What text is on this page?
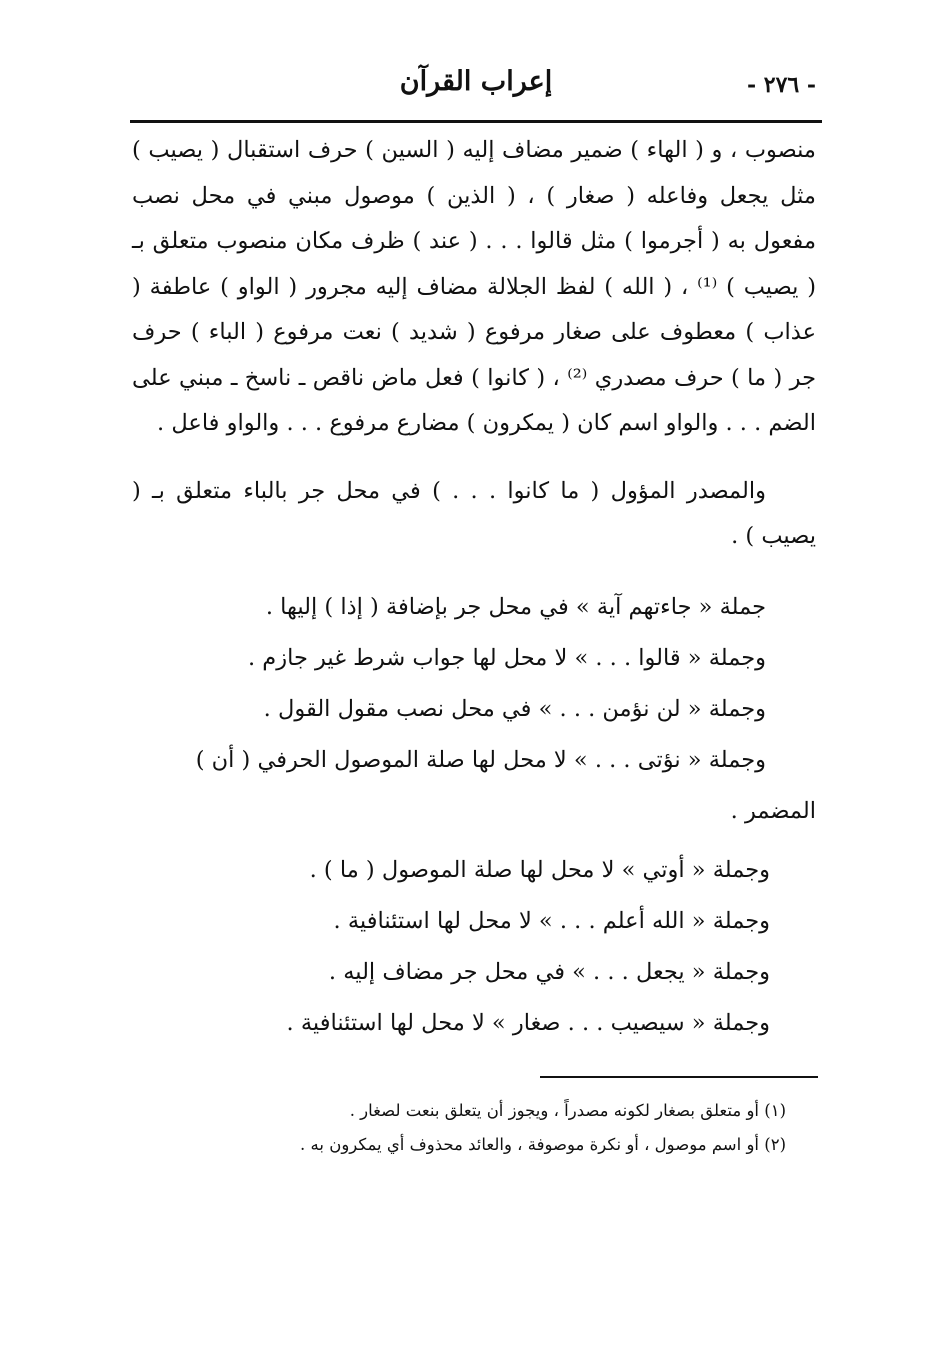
- ٢٧٦ -
إعراب القرآن

منصوب ، و ( الهاء ) ضمير مضاف إليه ( السين ) حرف استقبال ( يصيب ) مثل يجعل وفاعله ( صغار ) ، ( الذين ) موصول مبني في محل نصب مفعول به ( أجرموا ) مثل قالوا . . . ( عند ) ظرف مكان منصوب متعلق بـ ( يصيب ) ⁽¹⁾ ، ( الله ) لفظ الجلالة مضاف إليه مجرور ( الواو ) عاطفة ( عذاب ) معطوف على صغار مرفوع ( شديد ) نعت مرفوع ( الباء ) حرف جر ( ما ) حرف مصدري ⁽²⁾ ، ( كانوا ) فعل ماض ناقص ـ ناسخ ـ مبني على الضم . . . والواو اسم كان ( يمكرون ) مضارع مرفوع . . . والواو فاعل .

والمصدر المؤول ( ما كانوا . . . ) في محل جر بالباء متعلق بـ ( يصيب ) .

جملة « جاءتهم آية » في محل جر بإضافة ( إذا ) إليها .

وجملة « قالوا . . . » لا محل لها جواب شرط غير جازم .

وجملة « لن نؤمن . . . » في محل نصب مقول القول .

وجملة « نؤتى . . . » لا محل لها صلة الموصول الحرفي ( أن )
المضمر .

وجملة « أوتي » لا محل لها صلة الموصول ( ما ) .

وجملة « الله أعلم . . . » لا محل لها استئنافية .

وجملة « يجعل . . . » في محل جر مضاف إليه .

وجملة « سيصيب . . . صغار » لا محل لها استئنافية .

(١) أو متعلق بصغار لكونه مصدراً ، ويجوز أن يتعلق بنعت لصغار .

(٢) أو اسم موصول ، أو نكرة موصوفة ، والعائد محذوف أي يمكرون به .
